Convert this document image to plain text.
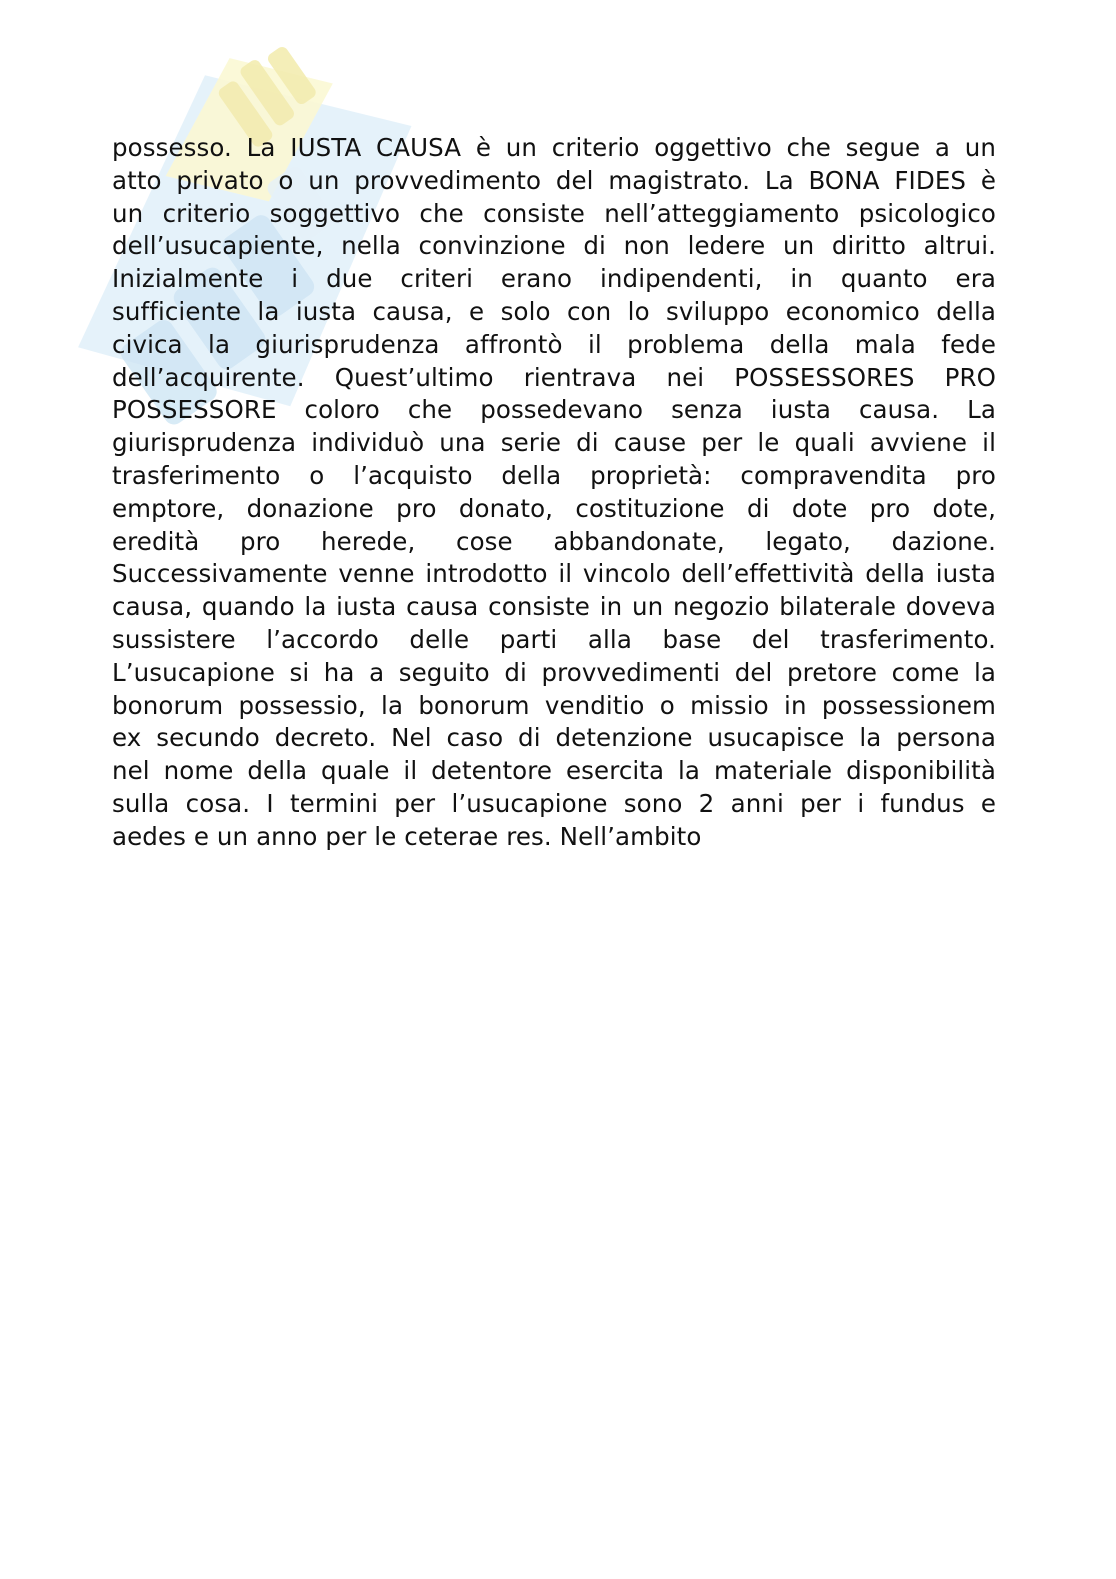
possesso. La IUSTA CAUSA è un criterio oggettivo che segue a un
atto privato o un provvedimento del magistrato. La BONA FIDES è
un criterio soggettivo che consiste nell’atteggiamento psicologico
dell’usucapiente, nella convinzione di non ledere un diritto altrui.
Inizialmente i due criteri erano indipendenti, in quanto era
sufficiente la iusta causa, e solo con lo sviluppo economico della
civica la giurisprudenza affrontò il problema della mala fede
dell’acquirente. Quest’ultimo rientrava nei POSSESSORES PRO
POSSESSORE coloro che possedevano senza iusta causa. La
giurisprudenza individuò una serie di cause per le quali avviene il
trasferimento o l’acquisto della proprietà: compravendita pro
emptore, donazione pro donato, costituzione di dote pro dote,
eredità pro herede, cose abbandonate, legato, dazione.
Successivamente venne introdotto il vincolo dell’effettività della iusta
causa, quando la iusta causa consiste in un negozio bilaterale doveva
sussistere l’accordo delle parti alla base del trasferimento.
L’usucapione si ha a seguito di provvedimenti del pretore come la
bonorum possessio, la bonorum venditio o missio in possessionem
ex secundo decreto. Nel caso di detenzione usucapisce la persona
nel nome della quale il detentore esercita la materiale disponibilità
sulla cosa. I termini per l’usucapione sono 2 anni per i fundus e
aedes e un anno per le ceterae res. Nell’ambito
